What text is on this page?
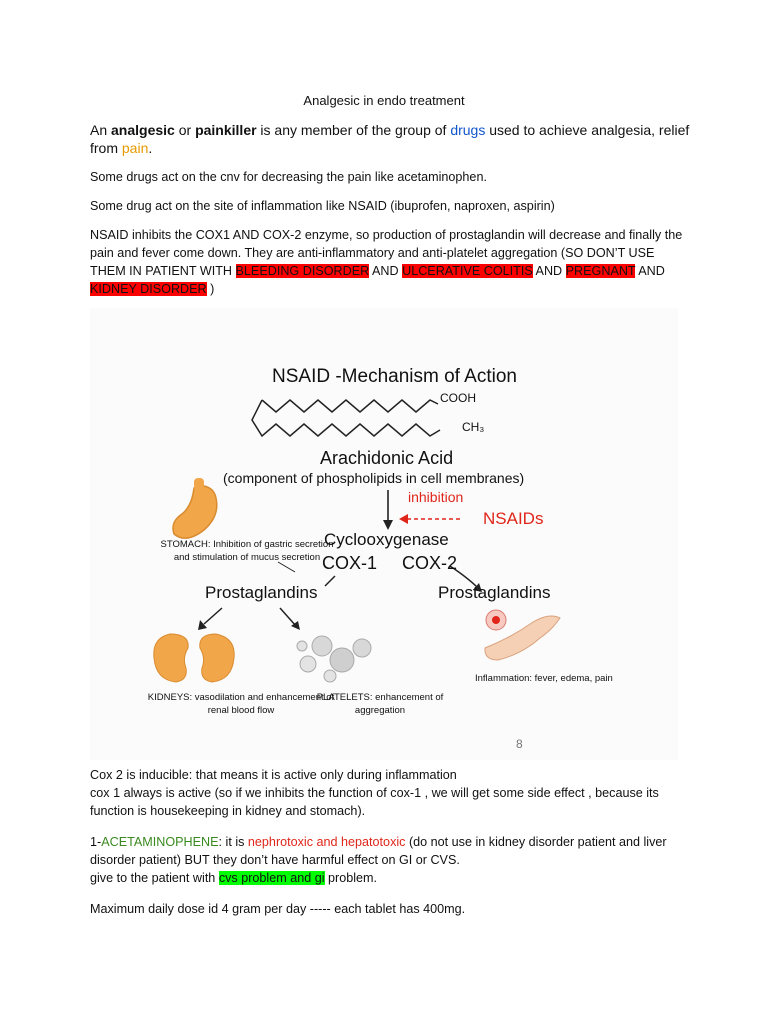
Analgesic in endo treatment
An analgesic or painkiller is any member of the group of drugs used to achieve analgesia, relief from pain.
Some drugs act on the cnv for decreasing the pain like acetaminophen.
Some drug act on the site of inflammation like NSAID (ibuprofen, naproxen, aspirin)
NSAID inhibits the COX1 AND COX-2 enzyme, so production of prostaglandin will decrease and finally the pain and fever come down. They are anti-inflammatory and anti-platelet aggregation (SO DON’T USE THEM IN PATIENT WITH BLEEDING DISORDER AND ULCERATIVE COLITIS AND PREGNANT AND KIDNEY DISORDER )
NSAID -Mechanism of Action
COOH
CH₃
Arachidonic Acid
(component of phospholipids in cell membranes)
inhibition
NSAIDs
Cyclooxygenase
COX-1 COX-2
STOMACH: Inhibition of gastric secretion and stimulation of mucus secretion
Prostaglandins	Prostaglandins
KIDNEYS: vasodilation and enhancement of renal blood flow
PLATELETS: enhancement of aggregation
Inflammation: fever, edema, pain
8
Cox 2 is inducible: that means it is active only during inflammation
cox 1 always is active (so if we inhibits the function of cox-1 , we will get some side effect , because its function is housekeeping in kidney and stomach).
1-ACETAMINOPHENE: it is nephrotoxic and hepatotoxic (do not use in kidney disorder patient and liver disorder patient) BUT they don’t have harmful effect on GI or CVS.
give to the patient with cvs problem and gi problem.
Maximum daily dose id 4 gram per day ----- each tablet has 400mg.
